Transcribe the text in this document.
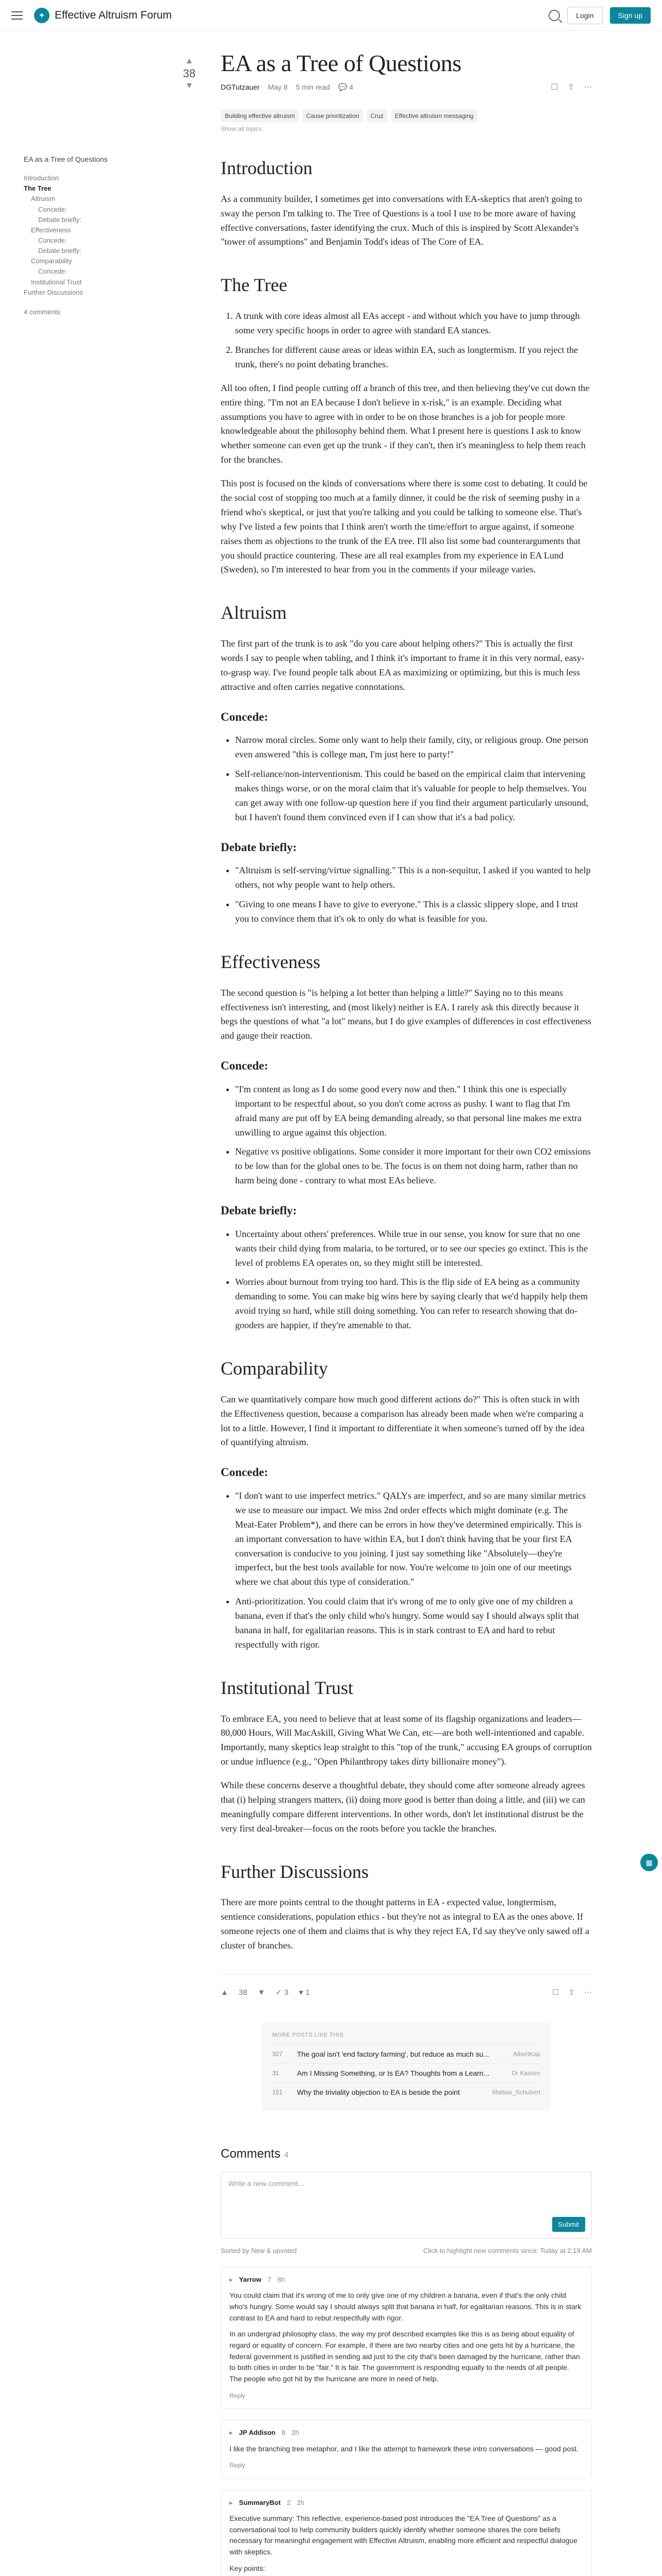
✦ Effective Altruism Forum	Login	Sign up
EA as a Tree of Questions
Introduction
The Tree
Altruism
Concede:
Debate briefly:
Effectiveness
Concede:
Debate briefly:
Comparability
Concede:
Institutional Trust
Further Discussions
4 comments
▲
38
▼
EA as a Tree of Questions
DGTutzauer May 8 5 min read 💬 4	☐ ⇧ ⋯
Building effective altruism	Cause prioritization	Cruz	Effective altruism messaging
Show all topics
Introduction

As a community builder, I sometimes get into conversations with EA-skeptics that aren't going to sway the person I'm talking to. The Tree of Questions is a tool I use to be more aware of having effective conversations, faster identifying the crux. Much of this is inspired by Scott Alexander's "tower of assumptions" and Benjamin Todd's ideas of The Core of EA.

The Tree
1. A trunk with core ideas almost all EAs accept - and without which you have to jump through some very specific hoops in order to agree with standard EA stances.
2. Branches for different cause areas or ideas within EA, such as longtermism. If you reject the trunk, there's no point debating branches.

All too often, I find people cutting off a branch of this tree, and then believing they've cut down the entire thing. "I'm not an EA because I don't believe in x-risk," is an example. Deciding what assumptions you have to agree with in order to be on those branches is a job for people more knowledgeable about the philosophy behind them. What I present here is questions I ask to know whether someone can even get up the trunk - if they can't, then it's meaningless to help them reach for the branches.

This post is focused on the kinds of conversations where there is some cost to debating. It could be the social cost of stopping too much at a family dinner, it could be the risk of seeming pushy in a friend who's skeptical, or just that you're talking and you could be talking to someone else. That's why I've listed a few points that I think aren't worth the time/effort to argue against, if someone raises them as objections to the trunk of the EA tree. I'll also list some bad counterarguments that you should practice countering. These are all real examples from my experience in EA Lund (Sweden), so I'm interested to hear from you in the comments if your mileage varies.

Altruism

The first part of the trunk is to ask "do you care about helping others?" This is actually the first words I say to people when tabling, and I think it's important to frame it in this very normal, easy-to-grasp way. I've found people talk about EA as maximizing or optimizing, but this is much less attractive and often carries negative connotations.

Concede:
• Narrow moral circles. Some only want to help their family, city, or religious group. One person even answered "this is college man, I'm just here to party!"
• Self-reliance/non-interventionism. This could be based on the empirical claim that intervening makes things worse, or on the moral claim that it's valuable for people to help themselves. You can get away with one follow-up question here if you find their argument particularly unsound, but I haven't found them convinced even if I can show that it's a bad policy.
Debate briefly:
• "Altruism is self-serving/virtue signalling." This is a non-sequitur, I asked if you wanted to help others, not why people want to help others.
• "Giving to one means I have to give to everyone." This is a classic slippery slope, and I trust you to convince them that it's ok to only do what is feasible for you.
Effectiveness

The second question is "is helping a lot better than helping a little?" Saying no to this means effectiveness isn't interesting, and (most likely) neither is EA. I rarely ask this directly because it begs the questions of what "a lot" means, but I do give examples of differences in cost effectiveness and gauge their reaction.

Concede:
• "I'm content as long as I do some good every now and then." I think this one is especially important to be respectful about, so you don't come across as pushy. I want to flag that I'm afraid many are put off by EA being demanding already, so that personal line makes me extra unwilling to argue against this objection.
• Negative vs positive obligations. Some consider it more important for their own CO2 emissions to be low than for the global ones to be. The focus is on them not doing harm, rather than no harm being done - contrary to what most EAs believe.
Debate briefly:
• Uncertainty about others' preferences. While true in our sense, you know for sure that no one wants their child dying from malaria, to be tortured, or to see our species go extinct. This is the level of problems EA operates on, so they might still be interested.
• Worries about burnout from trying too hard. This is the flip side of EA being as a community demanding to some. You can make big wins here by saying clearly that we'd happily help them avoid trying so hard, while still doing something. You can refer to research showing that do-gooders are happier, if they're amenable to that.
Comparability

Can we quantitatively compare how much good different actions do?" This is often stuck in with the Effectiveness question, because a comparison has already been made when we're comparing a lot to a little. However, I find it important to differentiate it when someone's turned off by the idea of quantifying altruism.

Concede:
• "I don't want to use imperfect metrics." QALYs are imperfect, and so are many similar metrics we use to measure our impact. We miss 2nd order effects which might dominate (e.g. The Meat-Eater Problem*), and there can be errors in how they've determined empirically. This is an important conversation to have within EA, but I don't think having that be your first EA conversation is conducive to you joining. I just say something like "Absolutely—they're imperfect, but the best tools available for now. You're welcome to join one of our meetings where we chat about this type of consideration."
• Anti-prioritization. You could claim that it's wrong of me to only give one of my children a banana, even if that's the only child who's hungry. Some would say I should always split that banana in half, for egalitarian reasons. This is in stark contrast to EA and hard to rebut respectfully with rigor.
Institutional Trust

To embrace EA, you need to believe that at least some of its flagship organizations and leaders—80,000 Hours, Will MacAskill, Giving What We Can, etc—are both well-intentioned and capable. Importantly, many skeptics leap straight to this "top of the trunk," accusing EA groups of corruption or undue influence (e.g., "Open Philanthropy takes dirty billionaire money").

While these concerns deserve a thoughtful debate, they should come after someone already agrees that (i) helping strangers matters, (ii) doing more good is better than doing a little, and (iii) we can meaningfully compare different interventions. In other words, don't let institutional distrust be the very first deal-breaker—focus on the roots before you tackle the branches.

Further Discussions

There are more points central to the thought patterns in EA - expected value, longtermism, sentience considerations, population ethics - but they're not as integral to EA as the ones above. If someone rejects one of them and claims that is why they reject EA, I'd say they've only sawed off a cluster of branches.

▲ 38 ▼ ✓ 3 ♥ 1	☐ ⇧ ⋯
MORE POSTS LIKE THIS
327	The goal isn't 'end factory farming', but reduce as much su...	AlbertKap
31	Am I Missing Something, or Is EA? Thoughts from a Learn...	Dr Kassim
151	Why the triviality objection to EA is beside the point	Mattias_Schubert
Comments 4
Write a new comment...
Submit
Sorted by New & upvoted	Click to highlight new comments since: Today at 2:19 AM
▸ Yarrow 7 8h

You could claim that it's wrong of me to only give one of my children a banana, even if that's the only child who's hungry. Some would say I should always split that banana in half, for egalitarian reasons. This is in stark contrast to EA and hard to rebut respectfully with rigor.

In an undergrad philosophy class, the way my prof described examples like this is as being about equality of regard or equality of concern. For example, if there are two nearby cities and one gets hit by a hurricane, the federal government is justified in sending aid just to the city that's been damaged by the hurricane, rather than to both cities in order to be "fair." It is fair. The government is responding equally to the needs of all people. The people who got hit by the hurricane are more in need of help.

Reply
▸ JP Addison 8 2h

I like the branching tree metaphor, and I like the attempt to framework these intro conversations — good post.

Reply
▸ SummaryBot 2 2h

Executive summary: This reflective, experience-based post introduces the "EA Tree of Questions" as a conversational tool to help community builders quickly identify whether someone shares the core beliefs necessary for meaningful engagement with Effective Altruism, enabling more efficient and respectful dialogue with skeptics.

Key points:

▦
